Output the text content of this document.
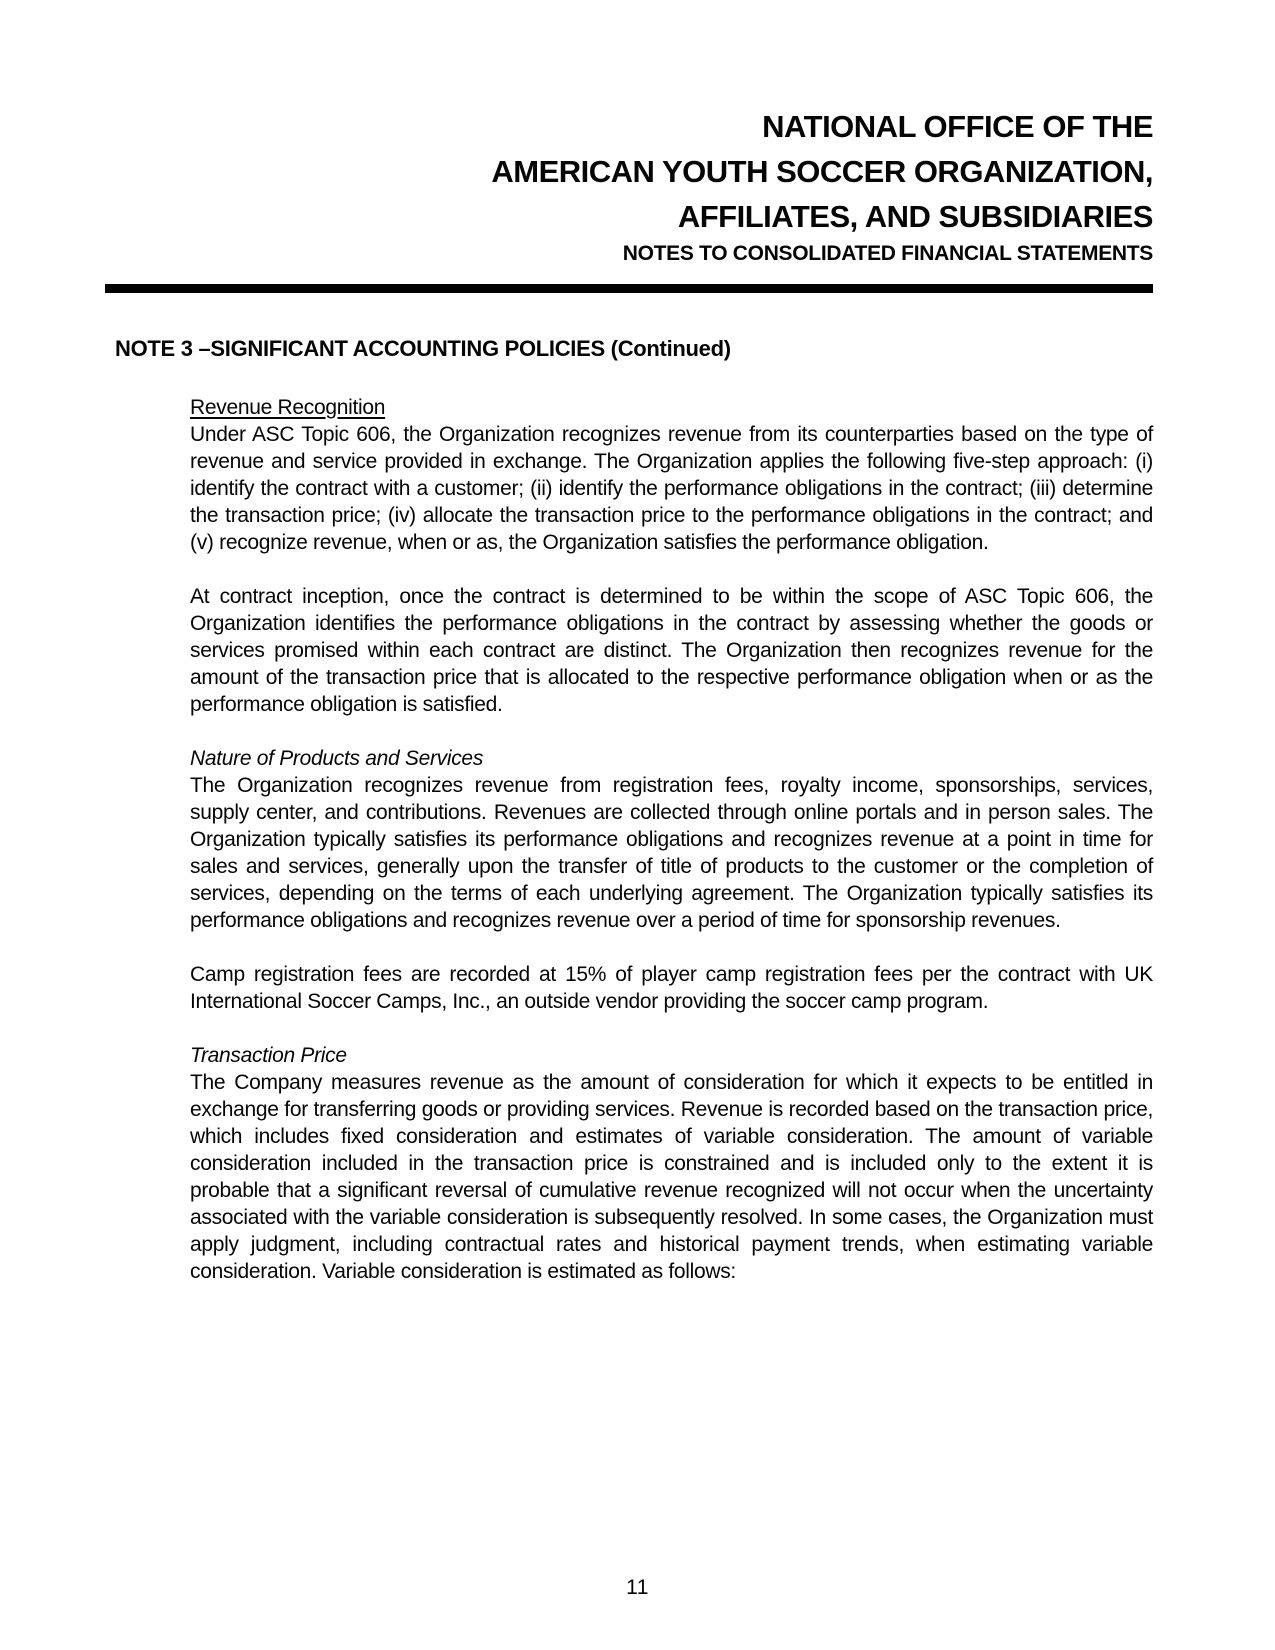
NATIONAL OFFICE OF THE
AMERICAN YOUTH SOCCER ORGANIZATION,
AFFILIATES, AND SUBSIDIARIES
NOTES TO CONSOLIDATED FINANCIAL STATEMENTS
NOTE 3 –SIGNIFICANT ACCOUNTING POLICIES (Continued)
Revenue Recognition

Under ASC Topic 606, the Organization recognizes revenue from its counterparties based on the type of revenue and service provided in exchange. The Organization applies the following five-step approach: (i) identify the contract with a customer; (ii) identify the performance obligations in the contract; (iii) determine the transaction price; (iv) allocate the transaction price to the performance obligations in the contract; and (v) recognize revenue, when or as, the Organization satisfies the performance obligation.

At contract inception, once the contract is determined to be within the scope of ASC Topic 606, the Organization identifies the performance obligations in the contract by assessing whether the goods or services promised within each contract are distinct. The Organization then recognizes revenue for the amount of the transaction price that is allocated to the respective performance obligation when or as the performance obligation is satisfied.

Nature of Products and Services

The Organization recognizes revenue from registration fees, royalty income, sponsorships, services, supply center, and contributions. Revenues are collected through online portals and in person sales. The Organization typically satisfies its performance obligations and recognizes revenue at a point in time for sales and services, generally upon the transfer of title of products to the customer or the completion of services, depending on the terms of each underlying agreement. The Organization typically satisfies its performance obligations and recognizes revenue over a period of time for sponsorship revenues.

Camp registration fees are recorded at 15% of player camp registration fees per the contract with UK International Soccer Camps, Inc., an outside vendor providing the soccer camp program.

Transaction Price

The Company measures revenue as the amount of consideration for which it expects to be entitled in exchange for transferring goods or providing services. Revenue is recorded based on the transaction price, which includes fixed consideration and estimates of variable consideration. The amount of variable consideration included in the transaction price is constrained and is included only to the extent it is probable that a significant reversal of cumulative revenue recognized will not occur when the uncertainty associated with the variable consideration is subsequently resolved. In some cases, the Organization must apply judgment, including contractual rates and historical payment trends, when estimating variable consideration. Variable consideration is estimated as follows:

11
